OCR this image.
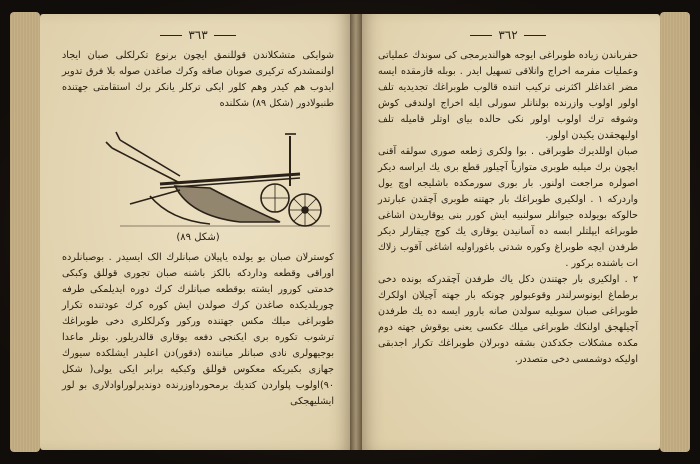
٣٦٣

شوايكی متشکلاندن قوللنمق ایچون برنوع تکرلکلی صبان ایجاد اولنمشدرکه ترکیری صوبان صاقه وکرك صاغدن صوله بلا فرق تدویر ایدوب هم کیدر وهم کلور ایکی ترکلر یانکر برك استقامتی جهتنده طنبولادور (شکل ۸۹) شکلنده

(شکل ۸۹)

کوسترلان صبان بو یولده یاپیلان صبانلرك الک ایسیدر . بوصبانلرده اوراقی وقطعه وداردکه بالکز باشنه صبان تجوری قوللق وکبکی خدمتی کورور ایشته بوقطعه صبانلرك کرك دوره ایدیلمکی طرفه چوریلدیکده صاغدن کرك صولدن ایش کوره کرك عودتنده تکرار طوبراغی میلك مکس جهتنده ورکور وکرلکلری دخی طوبراغك ترشوب تکوره بری ایکنجی دفعه یوقاری قالدریلور. بونلر ماعدا بوجیهولری نادی صبانلر میاننده (دقور)دن اعلیدر ایشلکده سیورك جهازی بکبریکه معکوس قوللق وکبکیه برابر ایکی یولی( شکل ۹۰)اولوب پلواردن کتدیك برمحورداوزرنده دوندیرلوراوادلاری بو لور ایشلیهجکی

٣٦٢

حفرباندن زیاده طوبراغی ایوجه هوالندیرمجی کی سوندك عملیاتی وعملیات مفرمه اخراج وانلاقی تسهیل ایدر . بوبله قازمقده ایسه مضر اغداغلر اکثرنی ترکیب اتنده قالوب طوبراغك تجدیدیه تلف اولور اولوب وازرنده بولنانلر سورلی ایله اخراج اولندقی کوش وشوقه ترك اولوب اولور نکی حالده بیای اوتلر قامیله تلف اولیهجقدن یکیدن اولور.

صبان اوللدیرك طوبراقی . بوا ولکری ژطعه صوری سولقه آقنی ایچون برك میلبه طوبری متوازیاً آچیلور قطع بری یك ایراسه دیكر اصولره مراجعت اولنور. بار بوری سورمکده باشلیجه اوچ یول واردرکه ۱ . اولکیری طوبراغك بار جهتنه طوبری آچقدن عبارتدر حالوکه بویولده جیوانلر سولنبیه ایش کورر بنی یوقاریدن اشاغی طوبراغه ایپلتلر ابسه ده آسانیدن یوقاری یك کوج چیقارلر دیکر طرفدن ایچه طوبراغ وکوره شدتی باغوراولیه اشاغی آقوب زلاك ات باشنده برکور .

۲ . اولکیری بار جهتندن دکل یاك طرفدن آچقدرکه بونده دخی برطماغ ایونوسرلندر وقوعبولور چونکه بار جهته آچیلان اولکرك طوبراغی صبان سوبلیه سولدن صانه بارور ایسه ده یك طرفدن آچیلهجق اولنکك طوبراغی میلك عکسی یعنی یوقوش جهته دوم مکده مشکلات جکدکدن بشقه دوبرلان طوبراغك تکرار اجدبقی اولیکه دوشمسی دخی متصددر.
